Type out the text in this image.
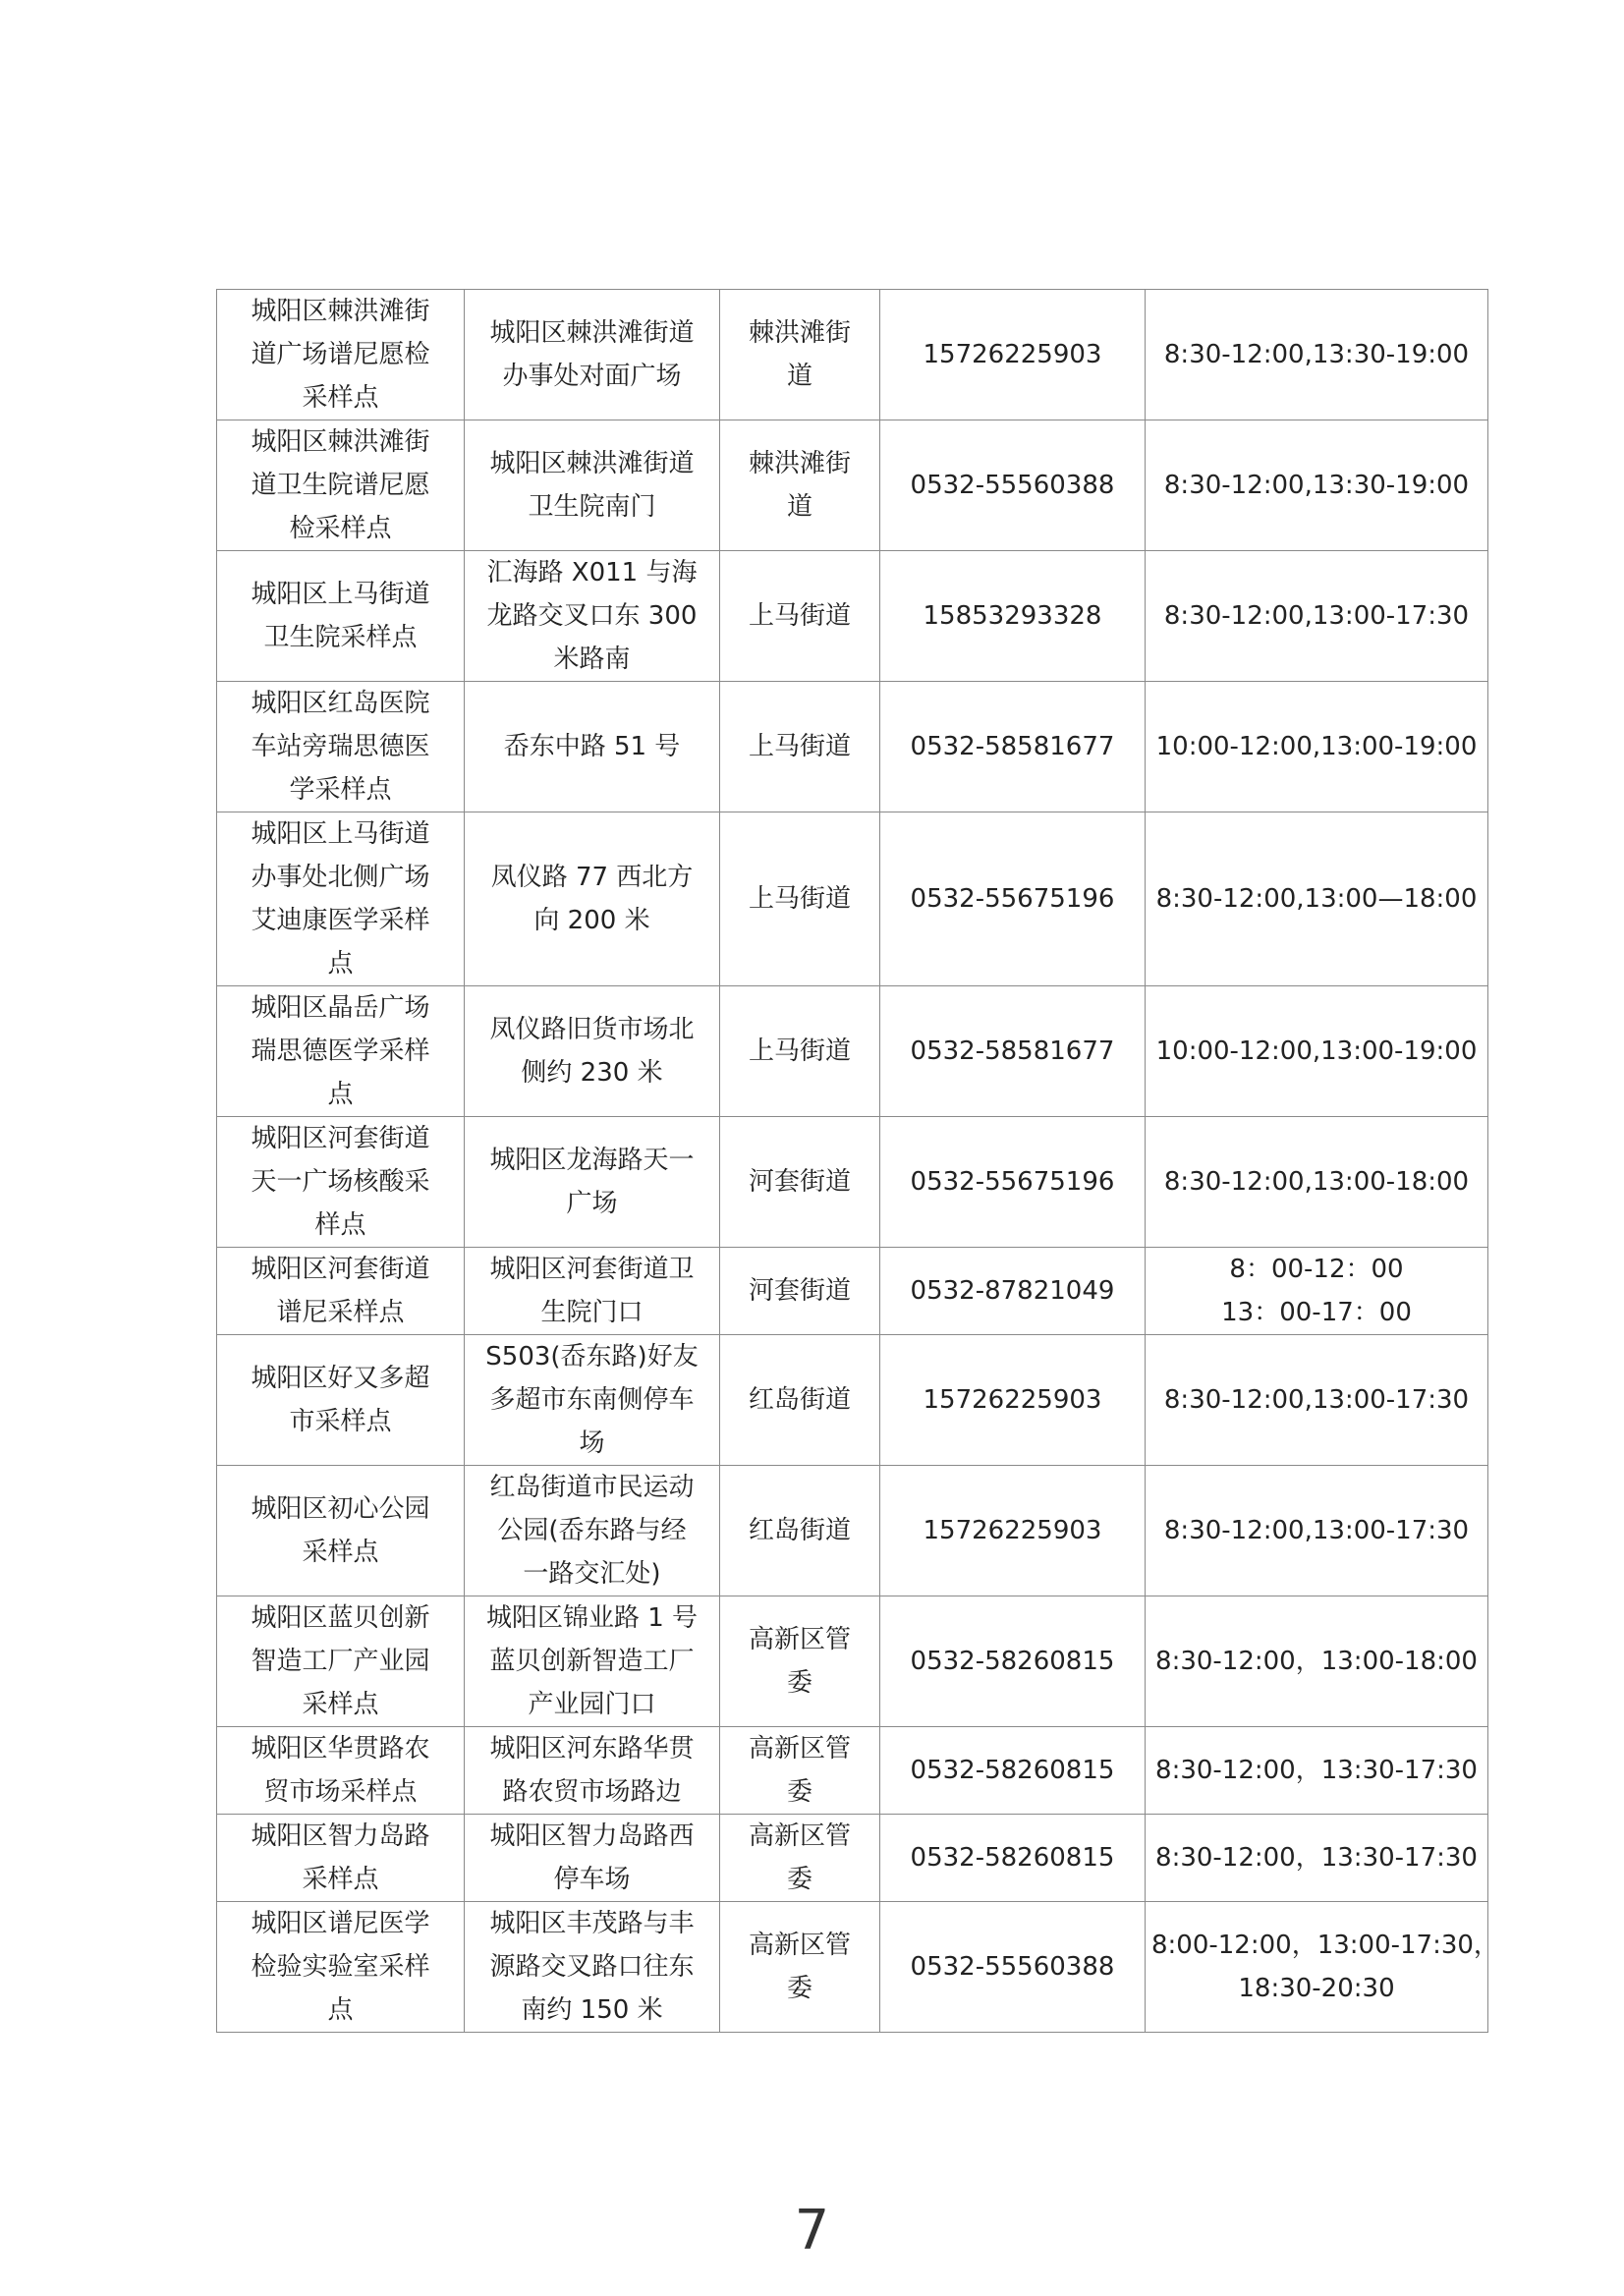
城阳区棘洪滩街
道广场谱尼愿检
采样点	城阳区棘洪滩街道
办事处对面广场	棘洪滩街
道	15726225903	8:30-12:00,13:30-19:00

城阳区棘洪滩街
道卫生院谱尼愿
检采样点	城阳区棘洪滩街道
卫生院南门	棘洪滩街
道	0532-55560388	8:30-12:00,13:30-19:00

城阳区上马街道
卫生院采样点	汇海路 X011 与海
龙路交叉口东 300
米路南	上马街道	15853293328	8:30-12:00,13:00-17:30

城阳区红岛医院
车站旁瑞思德医
学采样点	岙东中路 51 号	上马街道	0532-58581677	10:00-12:00,13:00-19:00

城阳区上马街道
办事处北侧广场
艾迪康医学采样
点	凤仪路 77 西北方
向 200 米	上马街道	0532-55675196	8:30-12:00,13:00—18:00

城阳区晶岳广场
瑞思德医学采样
点	凤仪路旧货市场北
侧约 230 米	上马街道	0532-58581677	10:00-12:00,13:00-19:00

城阳区河套街道
天一广场核酸采
样点	城阳区龙海路天一
广场	河套街道	0532-55675196	8:30-12:00,13:00-18:00

城阳区河套街道
谱尼采样点	城阳区河套街道卫
生院门口	河套街道	0532-87821049	8：00-12：00
13：00-17：00

城阳区好又多超
市采样点	S503(岙东路)好友
多超市东南侧停车
场	红岛街道	15726225903	8:30-12:00,13:00-17:30

城阳区初心公园
采样点	红岛街道市民运动
公园(岙东路与经
一路交汇处)	红岛街道	15726225903	8:30-12:00,13:00-17:30

城阳区蓝贝创新
智造工厂产业园
采样点	城阳区锦业路 1 号
蓝贝创新智造工厂
产业园门口	高新区管
委	0532-58260815	8:30-12:00，13:00-18:00

城阳区华贯路农
贸市场采样点	城阳区河东路华贯
路农贸市场路边	高新区管
委	0532-58260815	8:30-12:00，13:30-17:30

城阳区智力岛路
采样点	城阳区智力岛路西
停车场	高新区管
委	0532-58260815	8:30-12:00，13:30-17:30

城阳区谱尼医学
检验实验室采样
点	城阳区丰茂路与丰
源路交叉路口往东
南约 150 米	高新区管
委	0532-55560388	8:00-12:00，13:00-17:30，
18:30-20:30
7
